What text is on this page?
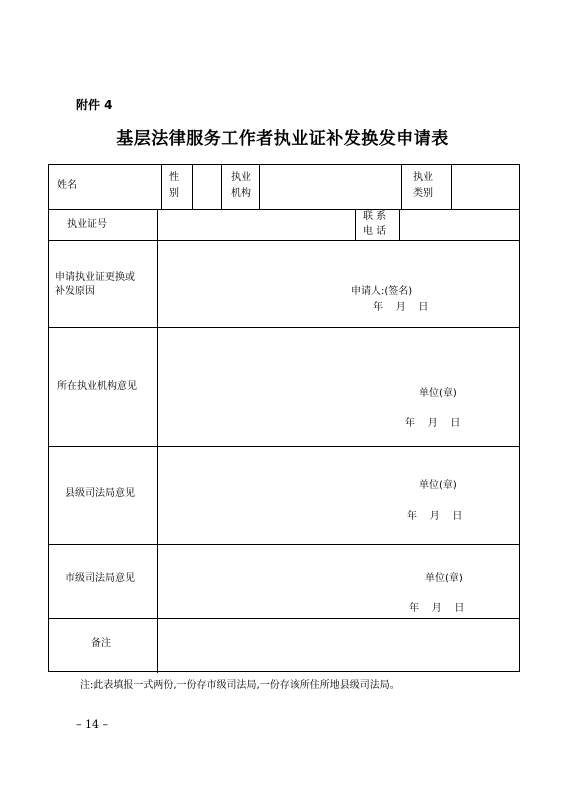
附件 4
基层法律服务工作者执业证补发换发申请表
姓名
性
别
执业
机构
执业
类别
执业证号
联 系
电 话
申请执业证更换或
补发原因	申请人:(签名)
年    月    日
所在执业机构意见
单位(章)
年    月    日
县级司法局意见
单位(章)
年    月    日
市级司法局意见	单位(章)
年    月    日
备注
注:此表填报一式两份,一份存市级司法局,一份存该所住所地县级司法局。
– 14 –
